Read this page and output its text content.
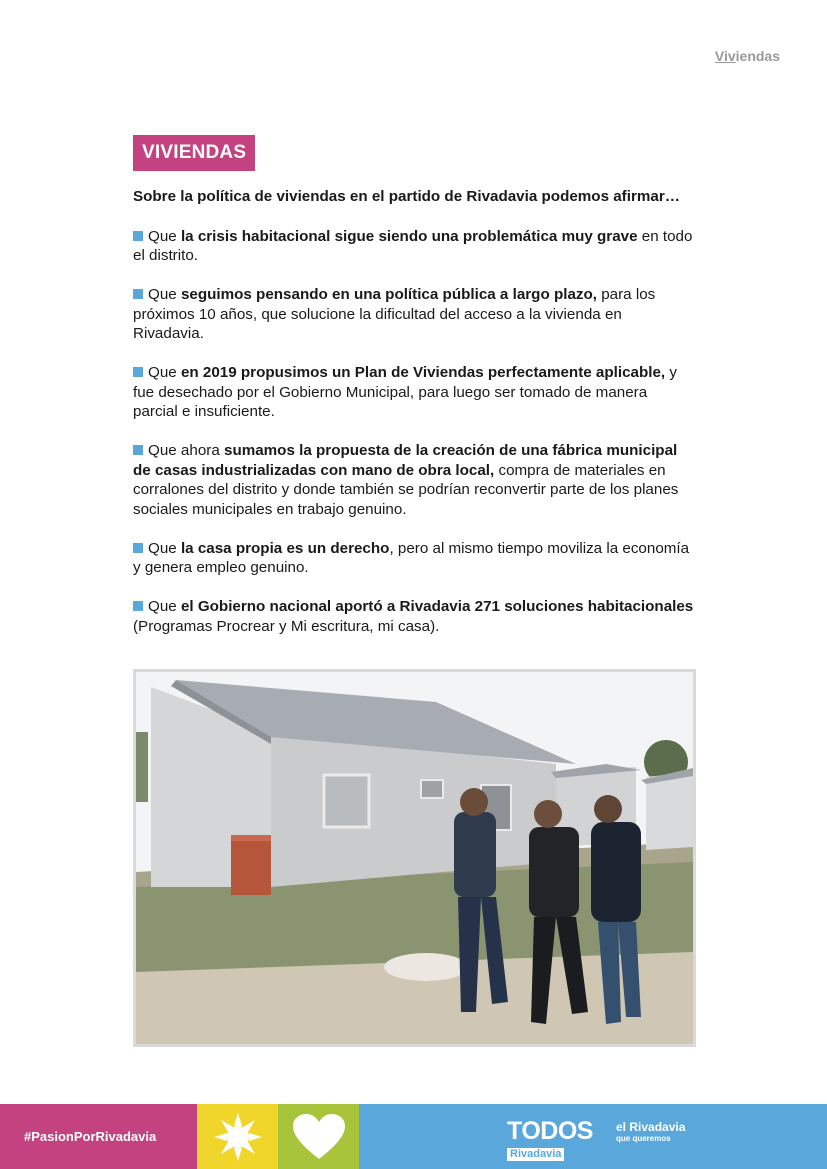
Viviendas
VIVIENDAS

Sobre la política de viviendas en el partido de Rivadavia podemos afirmar…

Que la crisis habitacional sigue siendo una problemática muy grave en todo el distrito.

Que seguimos pensando en una política pública a largo plazo, para los próximos 10 años, que solucione la dificultad del acceso a la vivienda en Rivadavia.

Que en 2019 propusimos un Plan de Viviendas perfectamente aplicable, y fue desechado por el Gobierno Municipal, para luego ser tomado de manera parcial e insuficiente.

Que ahora sumamos la propuesta de la creación de una fábrica municipal de casas industrializadas con mano de obra local, compra de materiales en corralones del distrito y donde también se podrían reconvertir parte de los planes sociales municipales en trabajo genuino.

Que la casa propia es un derecho, pero al mismo tiempo moviliza la economía y genera empleo genuino.

Que el Gobierno nacional aportó a Rivadavia 271 soluciones habitacionales (Programas Procrear y Mi escritura, mi casa).

#PasionPorRivadavia	TODOS
Rivadavia
el Rivadavia
que queremos
